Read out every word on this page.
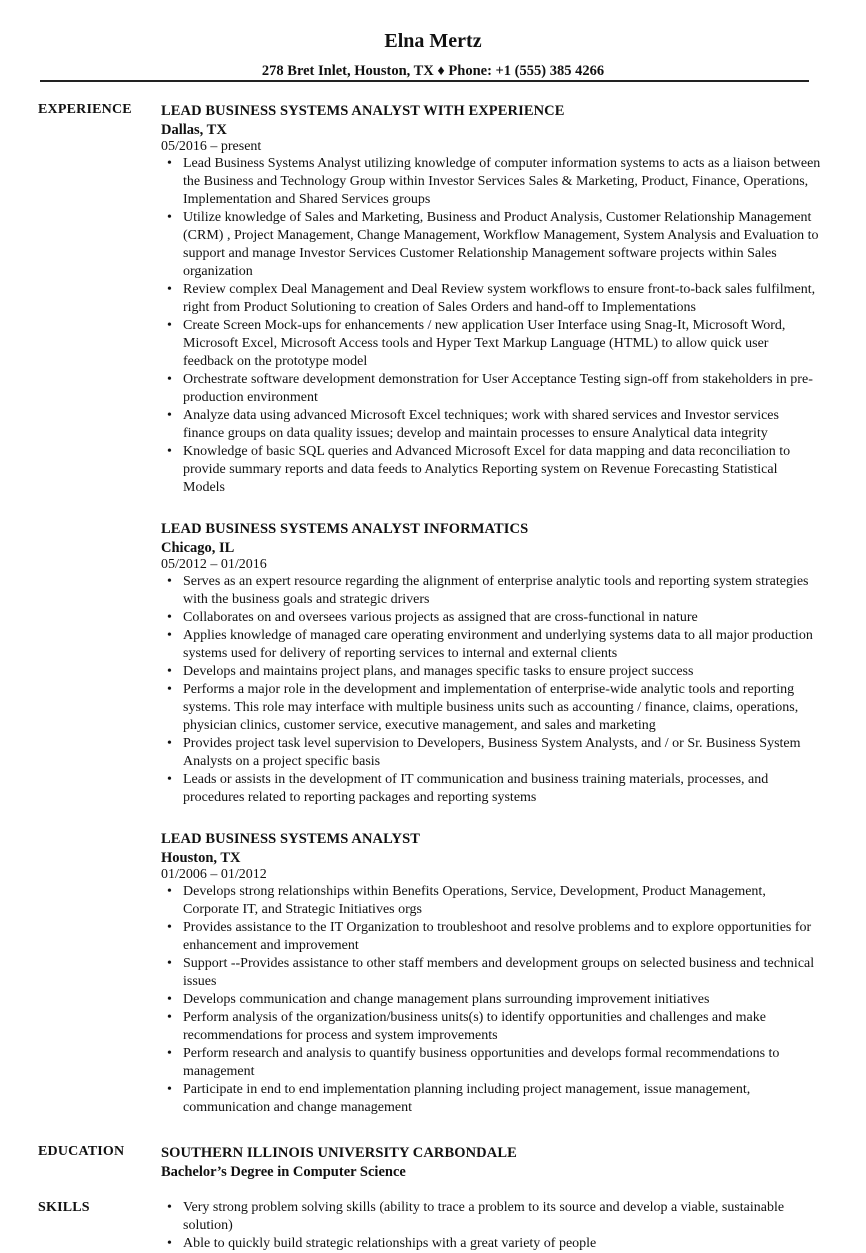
Elna Mertz
278 Bret Inlet, Houston, TX ♦ Phone: +1 (555) 385 4266
EXPERIENCE
EDUCATION
SKILLS
LEAD BUSINESS SYSTEMS ANALYST WITH EXPERIENCE
Dallas, TX
05/2016 – present
• Lead Business Systems Analyst utilizing knowledge of computer information systems to acts as a liaison between the Business and Technology Group within Investor Services Sales & Marketing, Product, Finance, Operations, Implementation and Shared Services groups
• Utilize knowledge of Sales and Marketing, Business and Product Analysis, Customer Relationship Management (CRM) , Project Management, Change Management, Workflow Management, System Analysis and Evaluation to support and manage Investor Services Customer Relationship Management software projects within Sales organization
• Review complex Deal Management and Deal Review system workflows to ensure front-to-back sales fulfilment, right from Product Solutioning to creation of Sales Orders and hand-off to Implementations
• Create Screen Mock-ups for enhancements / new application User Interface using Snag-It, Microsoft Word, Microsoft Excel, Microsoft Access tools and Hyper Text Markup Language (HTML) to allow quick user feedback on the prototype model
• Orchestrate software development demonstration for User Acceptance Testing sign-off from stakeholders in pre-production environment
• Analyze data using advanced Microsoft Excel techniques; work with shared services and Investor services finance groups on data quality issues; develop and maintain processes to ensure Analytical data integrity
• Knowledge of basic SQL queries and Advanced Microsoft Excel for data mapping and data reconciliation to provide summary reports and data feeds to Analytics Reporting system on Revenue Forecasting Statistical Models
LEAD BUSINESS SYSTEMS ANALYST INFORMATICS
Chicago, IL
05/2012 – 01/2016
• Serves as an expert resource regarding the alignment of enterprise analytic tools and reporting system strategies with the business goals and strategic drivers
• Collaborates on and oversees various projects as assigned that are cross-functional in nature
• Applies knowledge of managed care operating environment and underlying systems data to all major production systems used for delivery of reporting services to internal and external clients
• Develops and maintains project plans, and manages specific tasks to ensure project success
• Performs a major role in the development and implementation of enterprise-wide analytic tools and reporting systems. This role may interface with multiple business units such as accounting / finance, claims, operations, physician clinics, customer service, executive management, and sales and marketing
• Provides project task level supervision to Developers, Business System Analysts, and / or Sr. Business System Analysts on a project specific basis
• Leads or assists in the development of IT communication and business training materials, processes, and procedures related to reporting packages and reporting systems
LEAD BUSINESS SYSTEMS ANALYST
Houston, TX
01/2006 – 01/2012
• Develops strong relationships within Benefits Operations, Service, Development, Product Management, Corporate IT, and Strategic Initiatives orgs
• Provides assistance to the IT Organization to troubleshoot and resolve problems and to explore opportunities for enhancement and improvement
• Support --Provides assistance to other staff members and development groups on selected business and technical issues
• Develops communication and change management plans surrounding improvement initiatives
• Perform analysis of the organization/business units(s) to identify opportunities and challenges and make recommendations for process and system improvements
• Perform research and analysis to quantify business opportunities and develops formal recommendations to management
• Participate in end to end implementation planning including project management, issue management, communication and change management
SOUTHERN ILLINOIS UNIVERSITY CARBONDALE
Bachelor’s Degree in Computer Science
• Very strong problem solving skills (ability to trace a problem to its source and develop a viable, sustainable solution)
• Able to quickly build strategic relationships with a great variety of people
